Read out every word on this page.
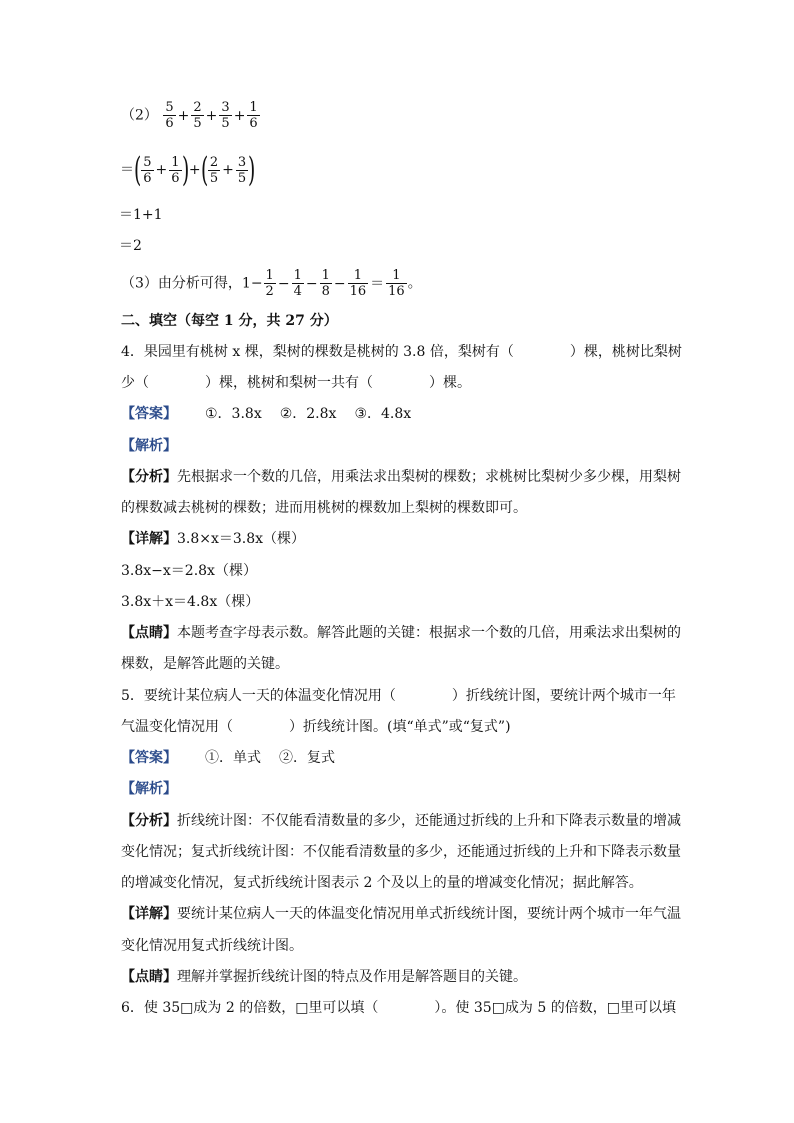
$(2) \frac{5}{6} + \frac{2}{5} + \frac{3}{5} + \frac{1}{6}$
＝( $\frac{5}{6} + \frac{1}{6}$ )+( $\frac{2}{5} + \frac{3}{5}$ )
＝1+1
＝2
（3）由分析可得，$1- \frac{1}{2} - \frac{1}{4} - \frac{1}{8} - \frac{1}{16} = \frac{1}{16}$ 。
二、填空（每空 1 分，共 27 分）
4．果园里有桃树 x 棵，梨树的棵数是桃树的 3.8 倍，梨树有（　　　　）棵，桃树比梨树
少（　　　　）棵，桃树和梨树一共有（　　　　）棵。
【答案】 ①．3.8x ②．2.8x ③．4.8x
【解析】
【分析】先根据求一个数的几倍，用乘法求出梨树的棵数；求桃树比梨树少多少棵，用梨树
的棵数减去桃树的棵数；进而用桃树的棵数加上梨树的棵数即可。
【详解】3.8×x＝3.8x（棵）
3.8x−x＝2.8x（棵）
3.8x＋x＝4.8x（棵）
【点睛】本题考查字母表示数。解答此题的关键：根据求一个数的几倍，用乘法求出梨树的
棵数，是解答此题的关键。
5．要统计某位病人一天的体温变化情况用（　　　　）折线统计图，要统计两个城市一年
气温变化情况用（　　　　）折线统计图。(填“单式”或“复式”)
【答案】 ①．单式 ②．复式
【解析】
【分析】折线统计图：不仅能看清数量的多少，还能通过折线的上升和下降表示数量的增减
变化情况；复式折线统计图：不仅能看清数量的多少，还能通过折线的上升和下降表示数量
的增减变化情况，复式折线统计图表示 2 个及以上的量的增减变化情况；据此解答。
【详解】要统计某位病人一天的体温变化情况用单式折线统计图，要统计两个城市一年气温
变化情况用复式折线统计图。
【点睛】理解并掌握折线统计图的特点及作用是解答题目的关键。
6．使 35□成为 2 的倍数，□里可以填（　　　　）。使 35□成为 5 的倍数，□里可以填
